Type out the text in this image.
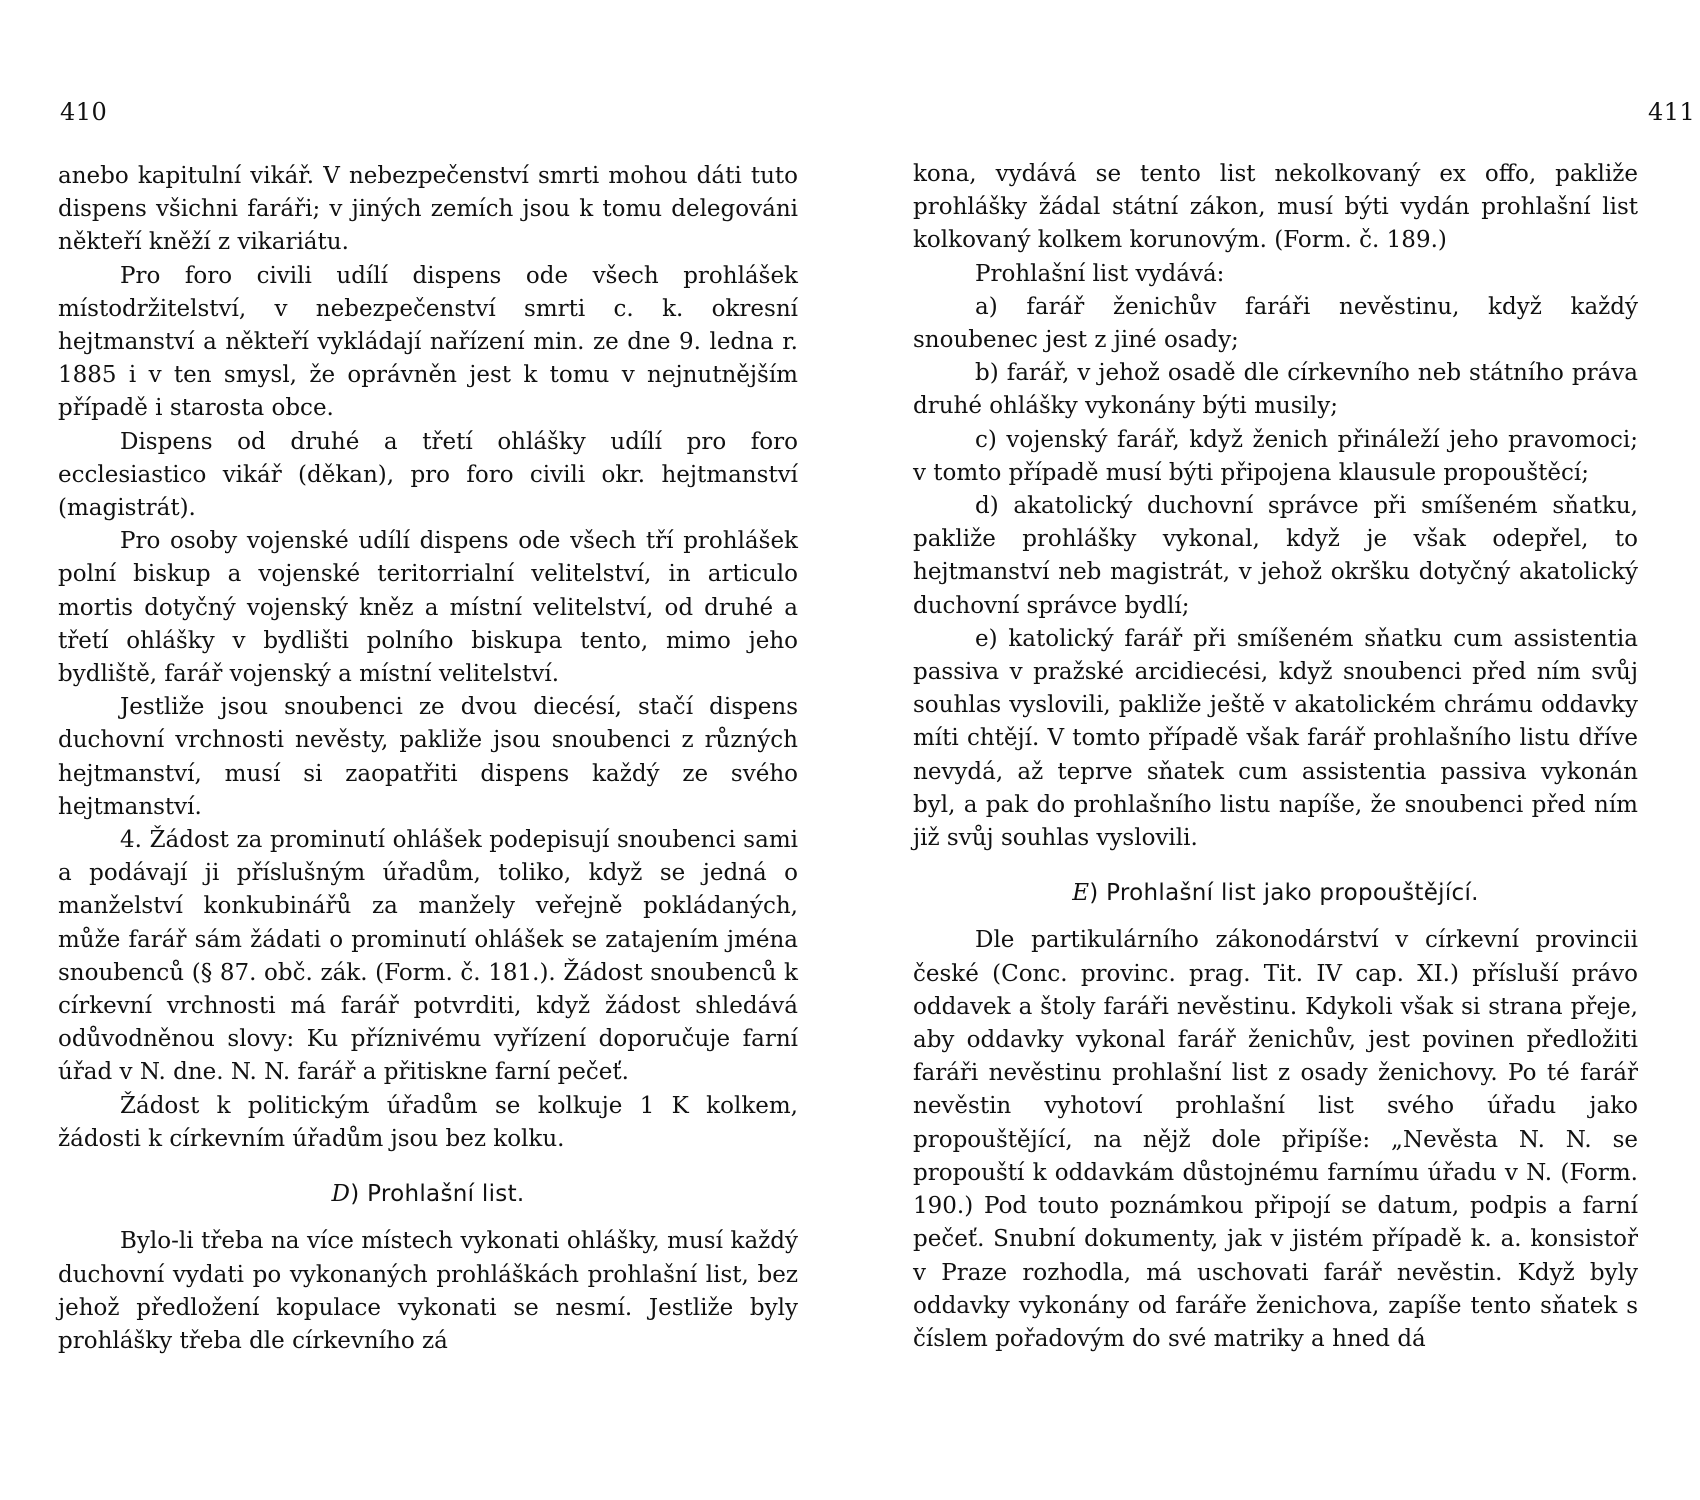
410

anebo kapitulní vikář. V nebezpečenství smrti mohou dáti tuto dispens všichni faráři; v jiných zemích jsou k tomu delegováni někteří kněží z vikariátu.

Pro foro civili udílí dispens ode všech prohlášek místodržitelství, v nebezpečenství smrti c. k. okresní hejtmanství a někteří vykládají nařízení min. ze dne 9. ledna r. 1885 i v ten smysl, že oprávněn jest k tomu v nejnutnějším případě i starosta obce.

Dispens od druhé a třetí ohlášky udílí pro foro ecclesiastico vikář (děkan), pro foro civili okr. hejtmanství (magistrát).

Pro osoby vojenské udílí dispens ode všech tří prohlášek polní biskup a vojenské teritorrialní velitelství, in articulo mortis dotyčný vojenský kněz a místní velitelství, od druhé a třetí ohlášky v bydlišti polního biskupa tento, mimo jeho bydliště, farář vojenský a místní velitelství.

Jestliže jsou snoubenci ze dvou diecésí, stačí dispens duchovní vrchnosti nevěsty, pakliže jsou snoubenci z různých hejtmanství, musí si zaopatřiti dispens každý ze svého hejtmanství.

4. Žádost za prominutí ohlášek podepisují snoubenci sami a podávají ji příslušným úřadům, toliko, když se jedná o manželství konkubinářů za manžely veřejně pokládaných, může farář sám žádati o prominutí ohlášek se zatajením jména snoubenců (§ 87. obč. zák. (Form. č. 181.). Žádost snoubenců k církevní vrchnosti má farář potvrditi, když žádost shledává odůvodněnou slovy: Ku příznivému vyřízení doporučuje farní úřad v N. dne. N. N. farář a přitiskne farní pečeť.

Žádost k politickým úřadům se kolkuje 1 K kolkem, žádosti k církevním úřadům jsou bez kolku.

D) Prohlašní list.

Bylo-li třeba na více místech vykonati ohlášky, musí každý duchovní vydati po vykonaných prohláškách prohlašní list, bez jehož předložení kopulace vykonati se nesmí. Jestliže byly prohlášky třeba dle církevního zá

411

kona, vydává se tento list nekolkovaný ex offo, pakliže prohlášky žádal státní zákon, musí býti vydán prohlašní list kolkovaný kolkem korunovým. (Form. č. 189.)

Prohlašní list vydává:

a) farář ženichův faráři nevěstinu, když každý snoubenec jest z jiné osady;

b) farář, v jehož osadě dle církevního neb státního práva druhé ohlášky vykonány býti musily;

c) vojenský farář, když ženich přináleží jeho pravomoci; v tomto případě musí býti připojena klausule propouštěcí;

d) akatolický duchovní správce při smíšeném sňatku, pakliže prohlášky vykonal, když je však odepřel, to hejtmanství neb magistrát, v jehož okršku dotyčný akatolický duchovní správce bydlí;

e) katolický farář při smíšeném sňatku cum assistentia passiva v pražské arcidiecési, když snoubenci před ním svůj souhlas vyslovili, pakliže ještě v akatolickém chrámu oddavky míti chtějí. V tomto případě však farář prohlašního listu dříve nevydá, až teprve sňatek cum assistentia passiva vykonán byl, a pak do prohlašního listu napíše, že snoubenci před ním již svůj souhlas vyslovili.

E) Prohlašní list jako propouštějící.

Dle partikulárního zákonodárství v církevní provincii české (Conc. provinc. prag. Tit. IV cap. XI.) přísluší právo oddavek a štoly faráři nevěstinu. Kdykoli však si strana přeje, aby oddavky vykonal farář ženichův, jest povinen předložiti faráři nevěstinu prohlašní list z osady ženichovy. Po té farář nevěstin vyhotoví prohlašní list svého úřadu jako propouštějící, na nějž dole připíše: „Nevěsta N. N. se propouští k oddavkám důstojnému farnímu úřadu v N. (Form. 190.) Pod touto poznámkou připojí se datum, podpis a farní pečeť. Snubní dokumenty, jak v jistém případě k. a. konsistoř v Praze rozhodla, má uschovati farář nevěstin. Když byly oddavky vykonány od faráře ženichova, zapíše tento sňatek s číslem pořadovým do své matriky a hned dá
